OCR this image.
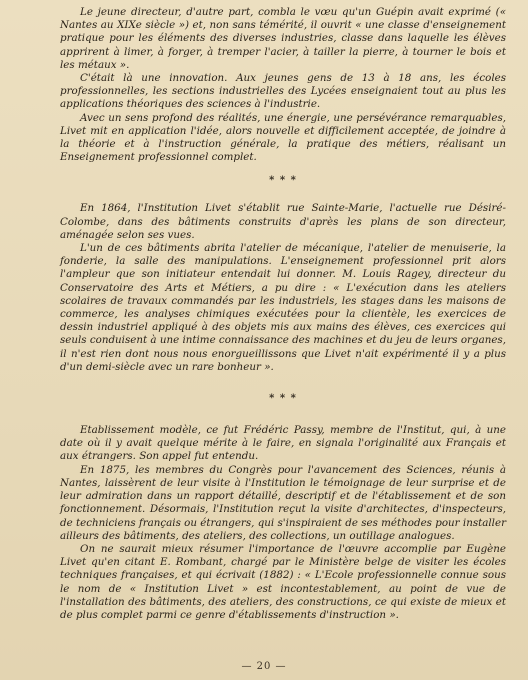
Le jeune directeur, d'autre part, combla le vœu qu'un Guépin avait exprimé (« Nantes au XIXe siècle ») et, non sans témérité, il ouvrit « une classe d'enseignement pratique pour les éléments des diverses industries, classe dans laquelle les élèves apprirent à limer, à forger, à tremper l'acier, à tailler la pierre, à tourner le bois et les métaux ».

C'était là une innovation. Aux jeunes gens de 13 à 18 ans, les écoles professionnelles, les sections industrielles des Lycées enseignaient tout au plus les applications théoriques des sciences à l'industrie.

Avec un sens profond des réalités, une énergie, une persévérance remarquables, Livet mit en application l'idée, alors nouvelle et difficilement acceptée, de joindre à la théorie et à l'instruction générale, la pratique des métiers, réalisant un Enseignement professionnel complet.

* * *

En 1864, l'Institution Livet s'établit rue Sainte-Marie, l'actuelle rue Désiré-Colombe, dans des bâtiments construits d'après les plans de son directeur, aménagée selon ses vues.

L'un de ces bâtiments abrita l'atelier de mécanique, l'atelier de menuiserie, la fonderie, la salle des manipulations. L'enseignement professionnel prit alors l'ampleur que son initiateur entendait lui donner. M. Louis Ragey, directeur du Conservatoire des Arts et Métiers, a pu dire : « L'exécution dans les ateliers scolaires de travaux commandés par les industriels, les stages dans les maisons de commerce, les analyses chimiques exécutées pour la clientèle, les exercices de dessin industriel appliqué à des objets mis aux mains des élèves, ces exercices qui seuls conduisent à une intime connaissance des machines et du jeu de leurs organes, il n'est rien dont nous nous enorgueillissons que Livet n'ait expérimenté il y a plus d'un demi-siècle avec un rare bonheur ».

* * *

Etablissement modèle, ce fut Frédéric Passy, membre de l'Institut, qui, à une date où il y avait quelque mérite à le faire, en signala l'originalité aux Français et aux étrangers. Son appel fut entendu.

En 1875, les membres du Congrès pour l'avancement des Sciences, réunis à Nantes, laissèrent de leur visite à l'Institution le témoignage de leur surprise et de leur admiration dans un rapport détaillé, descriptif et de l'établissement et de son fonctionnement. Désormais, l'Institution reçut la visite d'architectes, d'inspecteurs, de techniciens français ou étrangers, qui s'inspiraient de ses méthodes pour installer ailleurs des bâtiments, des ateliers, des collections, un outillage analogues.

On ne saurait mieux résumer l'importance de l'œuvre accomplie par Eugène Livet qu'en citant E. Rombant, chargé par le Ministère belge de visiter les écoles techniques françaises, et qui écrivait (1882) : « L'Ecole professionnelle connue sous le nom de « Institution Livet » est incontestablement, au point de vue de l'installation des bâtiments, des ateliers, des constructions, ce qui existe de mieux et de plus complet parmi ce genre d'établissements d'instruction ».

— 20 —
